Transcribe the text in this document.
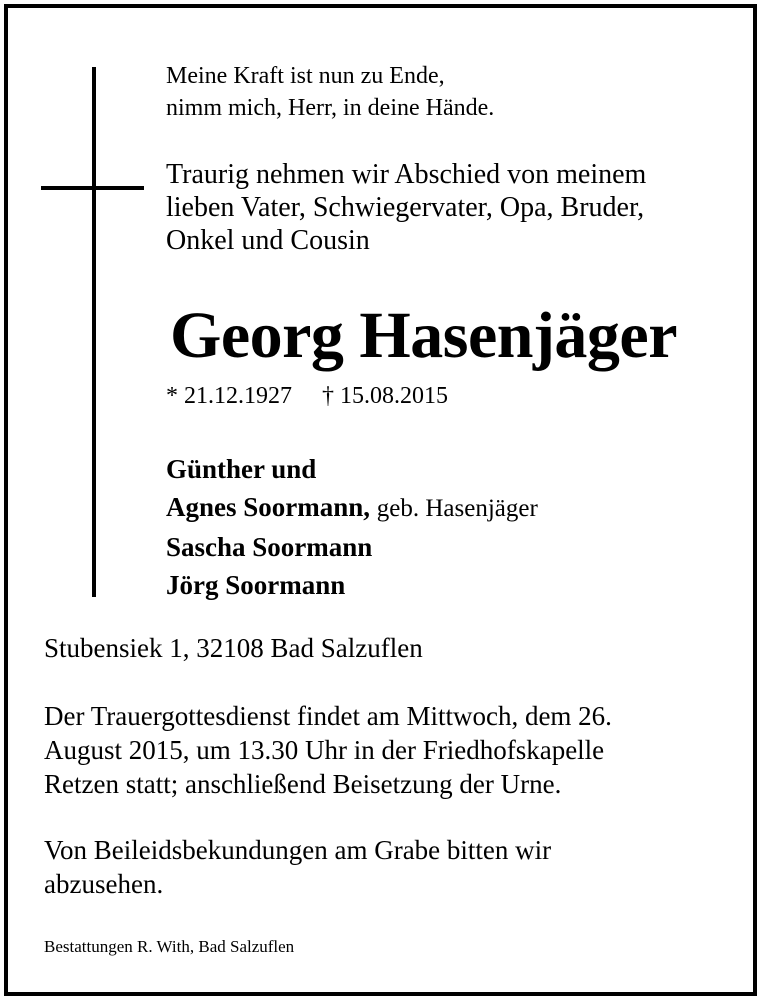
Meine Kraft ist nun zu Ende,
nimm mich, Herr, in deine Hände.
Traurig nehmen wir Abschied von meinem
lieben Vater, Schwiegervater, Opa, Bruder,
Onkel und Cousin
Georg Hasenjäger
* 21.12.1927 † 15.08.2015
Günther und
Agnes Soormann, geb. Hasenjäger
Sascha Soormann
Jörg Soormann
Stubensiek 1, 32108 Bad Salzuflen
Der Trauergottesdienst findet am Mittwoch, dem 26.
August 2015, um 13.30 Uhr in der Friedhofskapelle
Retzen statt; anschließend Beisetzung der Urne.
Von Beileidsbekundungen am Grabe bitten wir
abzusehen.
Bestattungen R. With, Bad Salzuflen
